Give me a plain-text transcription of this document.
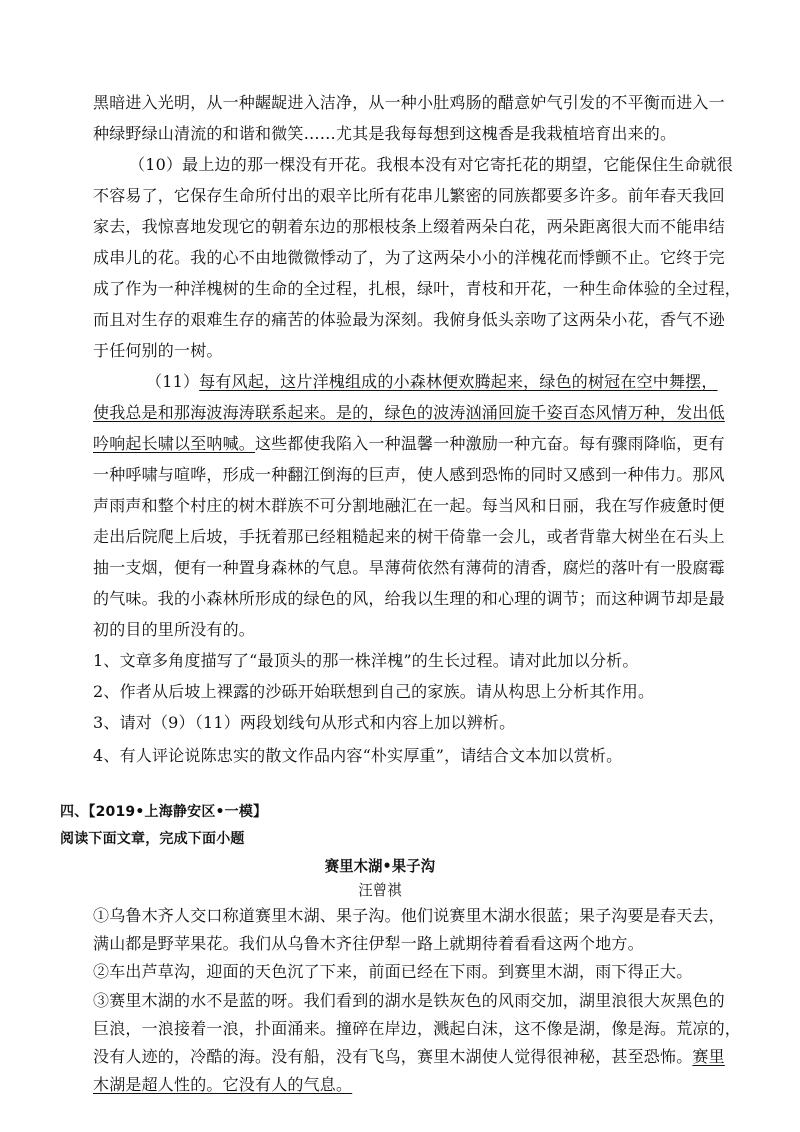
黑暗进入光明，从一种龌龊进入洁净，从一种小肚鸡肠的醋意妒气引发的不平衡而进入一
种绿野绿山清流的和谐和微笑……尤其是我每每想到这槐香是我栽植培育出来的。
（10）最上边的那一棵没有开花。我根本没有对它寄托花的期望，它能保住生命就很
不容易了，它保存生命所付出的艰辛比所有花串儿繁密的同族都要多许多。前年春天我回
家去，我惊喜地发现它的朝着东边的那根枝条上缀着两朵白花，两朵距离很大而不能串结
成串儿的花。我的心不由地微微悸动了，为了这两朵小小的洋槐花而悸颤不止。它终于完
成了作为一种洋槐树的生命的全过程，扎根，绿叶，青枝和开花，一种生命体验的全过程，
而且对生存的艰难生存的痛苦的体验最为深刻。我俯身低头亲吻了这两朵小花，香气不逊
于任何别的一树。
（11）每有风起，这片洋槐组成的小森林便欢腾起来，绿色的树冠在空中舞摆，
使我总是和那海波海涛联系起来。是的，绿色的波涛汹涌回旋千姿百态风情万种，发出低
吟响起长啸以至呐喊。这些都使我陷入一种温馨一种激励一种亢奋。每有骤雨降临，更有
一种呼啸与喧哗，形成一种翻江倒海的巨声，使人感到恐怖的同时又感到一种伟力。那风
声雨声和整个村庄的树木群族不可分割地融汇在一起。每当风和日丽，我在写作疲惫时便
走出后院爬上后坡，手抚着那已经粗糙起来的树干倚靠一会儿，或者背靠大树坐在石头上
抽一支烟，便有一种置身森林的气息。旱薄荷依然有薄荷的清香，腐烂的落叶有一股腐霉
的气味。我的小森林所形成的绿色的风，给我以生理的和心理的调节；而这种调节却是最
初的目的里所没有的。
1、文章多角度描写了“最顶头的那一株洋槐”的生长过程。请对此加以分析。
2、作者从后坡上裸露的沙砾开始联想到自己的家族。请从构思上分析其作用。
3、请对（9）（11）两段划线句从形式和内容上加以辨析。
4、有人评论说陈忠实的散文作品内容“朴实厚重”，请结合文本加以赏析。
四、【2019•上海静安区•一模】
阅读下面文章，完成下面小题
赛里木湖•果子沟
汪曾祺
①乌鲁木齐人交口称道赛里木湖、果子沟。他们说赛里木湖水很蓝；果子沟要是春天去，
满山都是野苹果花。我们从乌鲁木齐往伊犁一路上就期待着看看这两个地方。
②车出芦草沟，迎面的天色沉了下来，前面已经在下雨。到赛里木湖，雨下得正大。
③赛里木湖的水不是蓝的呀。我们看到的湖水是铁灰色的风雨交加，湖里浪很大灰黑色的
巨浪，一浪接着一浪，扑面涌来。撞碎在岸边，溅起白沫，这不像是湖，像是海。荒凉的，
没有人迹的，冷酷的海。没有船，没有飞鸟，赛里木湖使人觉得很神秘，甚至恐怖。赛里
木湖是超人性的。它没有人的气息。
